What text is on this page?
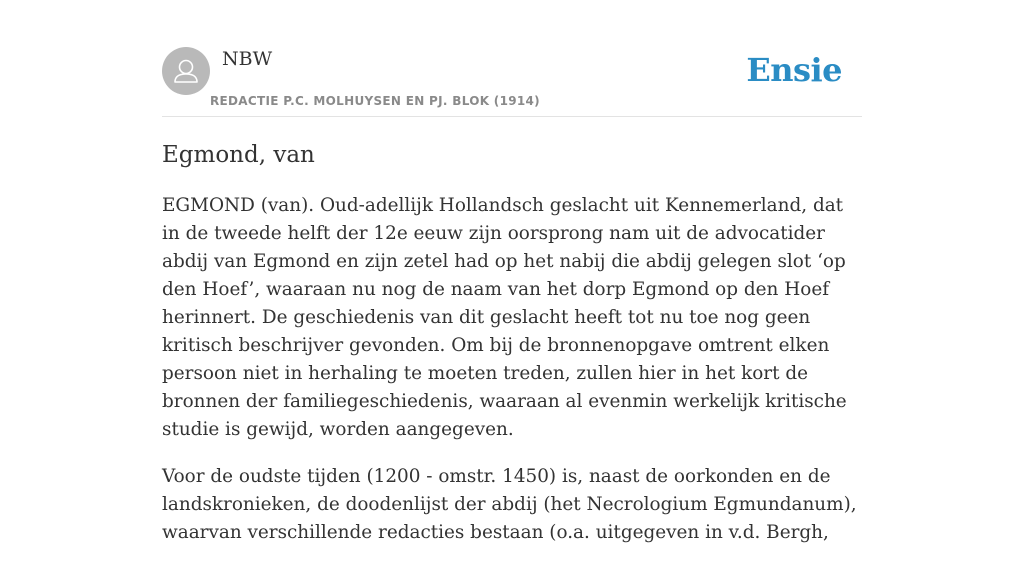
NBW
REDACTIE P.C. MOLHUYSEN EN PJ. BLOK (1914)
Ensie
Egmond, van

EGMOND (van). Oud-adellijk Hollandsch geslacht uit Kennemerland, dat in de tweede helft der 12e eeuw zijn oorsprong nam uit de advocatider abdij van Egmond en zijn zetel had op het nabij die abdij gelegen slot ‘op den Hoef’, waaraan nu nog de naam van het dorp Egmond op den Hoef herinnert. De geschiedenis van dit geslacht heeft tot nu toe nog geen kritisch beschrijver gevonden. Om bij de bronnenopgave omtrent elken persoon niet in herhaling te moeten treden, zullen hier in het kort de bronnen der familiegeschiedenis, waaraan al evenmin werkelijk kritische studie is gewijd, worden aangegeven.

Voor de oudste tijden (1200 - omstr. 1450) is, naast de oorkonden en de landskronieken, de doodenlijst der abdij (het Necrologium Egmundanum), waarvan verschillende redacties bestaan (o.a. uitgegeven in v.d. Bergh,
